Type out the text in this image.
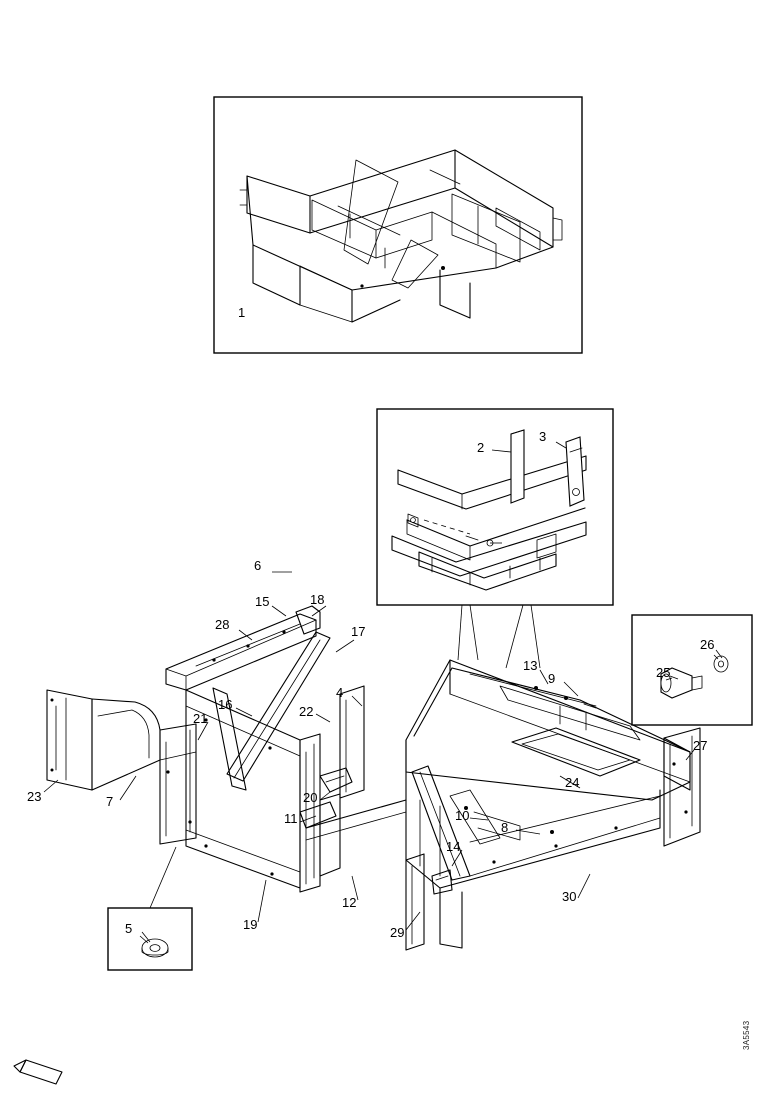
1
2
3
4
5
6
7
8
9
10
11
12
13
14
15
16
17
18
19
20
21	22
23
24
25
26
27
28
29
30
3A5543
